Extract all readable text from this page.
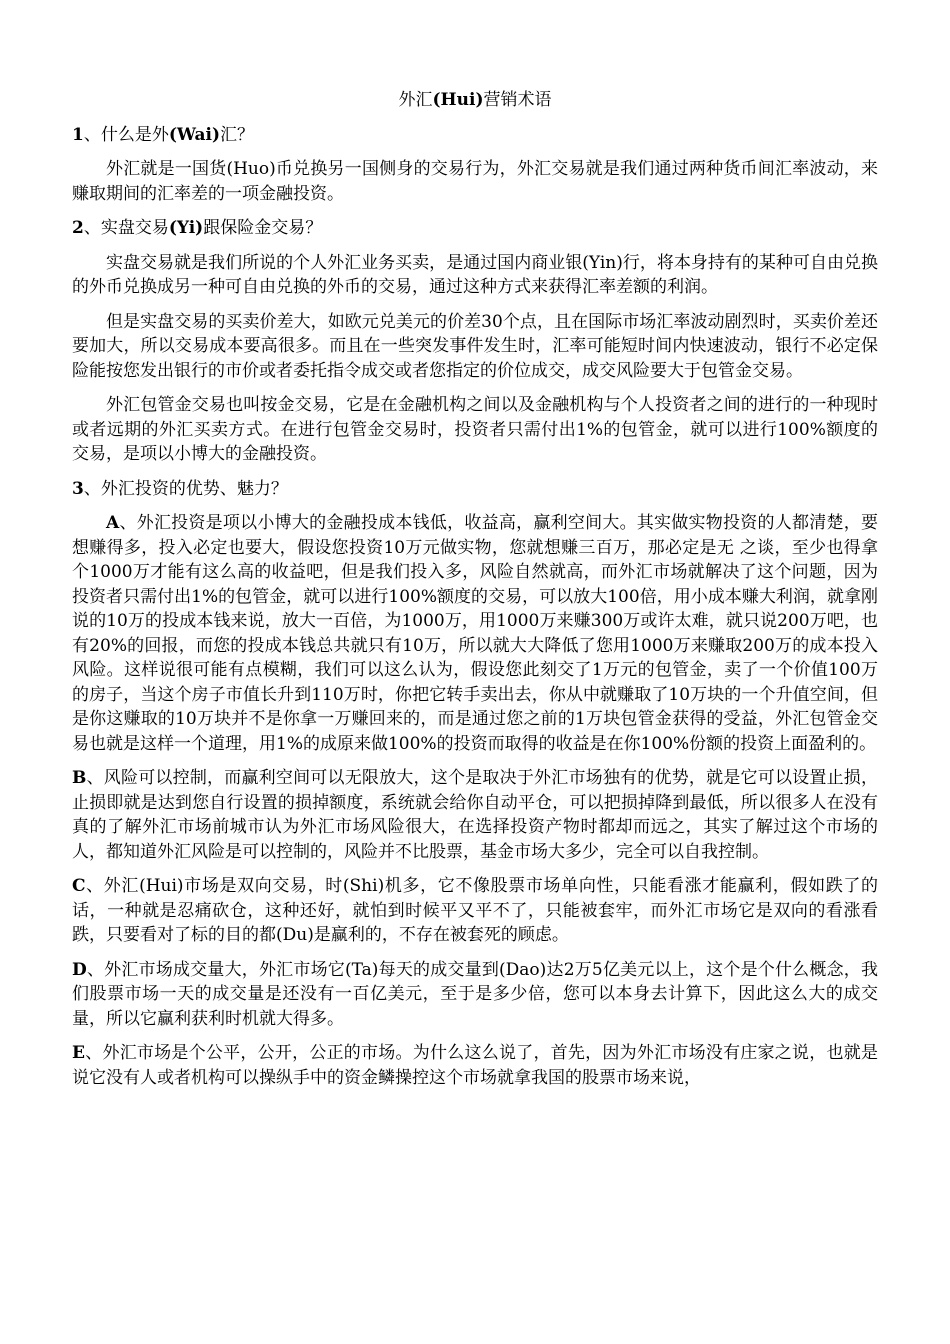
外汇(Hui)营销术语

1、什么是外(Wai)汇？

外汇就是一国货(Huo)币兑换另一国侧身的交易行为，外汇交易就是我们通过两种货币间汇率波动，来赚取期间的汇率差的一项金融投资。

2、实盘交易(Yi)跟保险金交易？

实盘交易就是我们所说的个人外汇业务买卖，是通过国内商业银(Yin)行，将本身持有的某种可自由兑换的外币兑换成另一种可自由兑换的外币的交易，通过这种方式来获得汇率差额的利润。

但是实盘交易的买卖价差大，如欧元兑美元的价差30个点，且在国际市场汇率波动剧烈时，买卖价差还要加大，所以交易成本要高很多。而且在一些突发事件发生时，汇率可能短时间内快速波动，银行不必定保险能按您发出银行的市价或者委托指令成交或者您指定的价位成交，成交风险要大于包管金交易。

外汇包管金交易也叫按金交易，它是在金融机构之间以及金融机构与个人投资者之间的进行的一种现时或者远期的外汇买卖方式。在进行包管金交易时，投资者只需付出1%的包管金，就可以进行100%额度的交易，是项以小博大的金融投资。

3、外汇投资的优势、魅力？

A、外汇投资是项以小博大的金融投成本钱低，收益高，赢利空间大。其实做实物投资的人都清楚，要想赚得多，投入必定也要大，假设您投资10万元做实物，您就想赚三百万，那必定是无 之谈，至少也得拿个1000万才能有这么高的收益吧，但是我们投入多，风险自然就高，而外汇市场就解决了这个问题，因为投资者只需付出1%的包管金，就可以进行100%额度的交易，可以放大100倍，用小成本赚大利润，就拿刚说的10万的投成本钱来说，放大一百倍，为1000万，用1000万来赚300万或许太难，就只说200万吧，也有20%的回报，而您的投成本钱总共就只有10万，所以就大大降低了您用1000万来赚取200万的成本投入风险。这样说很可能有点模糊，我们可以这么认为，假设您此刻交了1万元的包管金，卖了一个价值100万的房子，当这个房子市值长升到110万时，你把它转手卖出去，你从中就赚取了10万块的一个升值空间，但是你这赚取的10万块并不是你拿一万赚回来的，而是通过您之前的1万块包管金获得的受益，外汇包管金交易也就是这样一个道理，用1%的成原来做100%的投资而取得的收益是在你100%份额的投资上面盈利的。

B、风险可以控制，而赢利空间可以无限放大，这个是取决于外汇市场独有的优势，就是它可以设置止损，止损即就是达到您自行设置的损掉额度，系统就会给你自动平仓，可以把损掉降到最低，所以很多人在没有真的了解外汇市场前城市认为外汇市场风险很大，在选择投资产物时都却而远之，其实了解过这个市场的人，都知道外汇风险是可以控制的，风险并不比股票，基金市场大多少，完全可以自我控制。

C、外汇(Hui)市场是双向交易，时(Shi)机多，它不像股票市场单向性，只能看涨才能赢利，假如跌了的话，一种就是忍痛砍仓，这种还好，就怕到时候平又平不了，只能被套牢，而外汇市场它是双向的看涨看跌，只要看对了标的目的都(Du)是赢利的，不存在被套死的顾虑。

D、外汇市场成交量大，外汇市场它(Ta)每天的成交量到(Dao)达2万5亿美元以上，这个是个什么概念，我们股票市场一天的成交量是还没有一百亿美元，至于是多少倍，您可以本身去计算下，因此这么大的成交量，所以它赢利获利时机就大得多。

E、外汇市场是个公平，公开，公正的市场。为什么这么说了，首先，因为外汇市场没有庄家之说，也就是说它没有人或者机构可以操纵手中的资金鳞操控这个市场就拿我国的股票市场来说，
